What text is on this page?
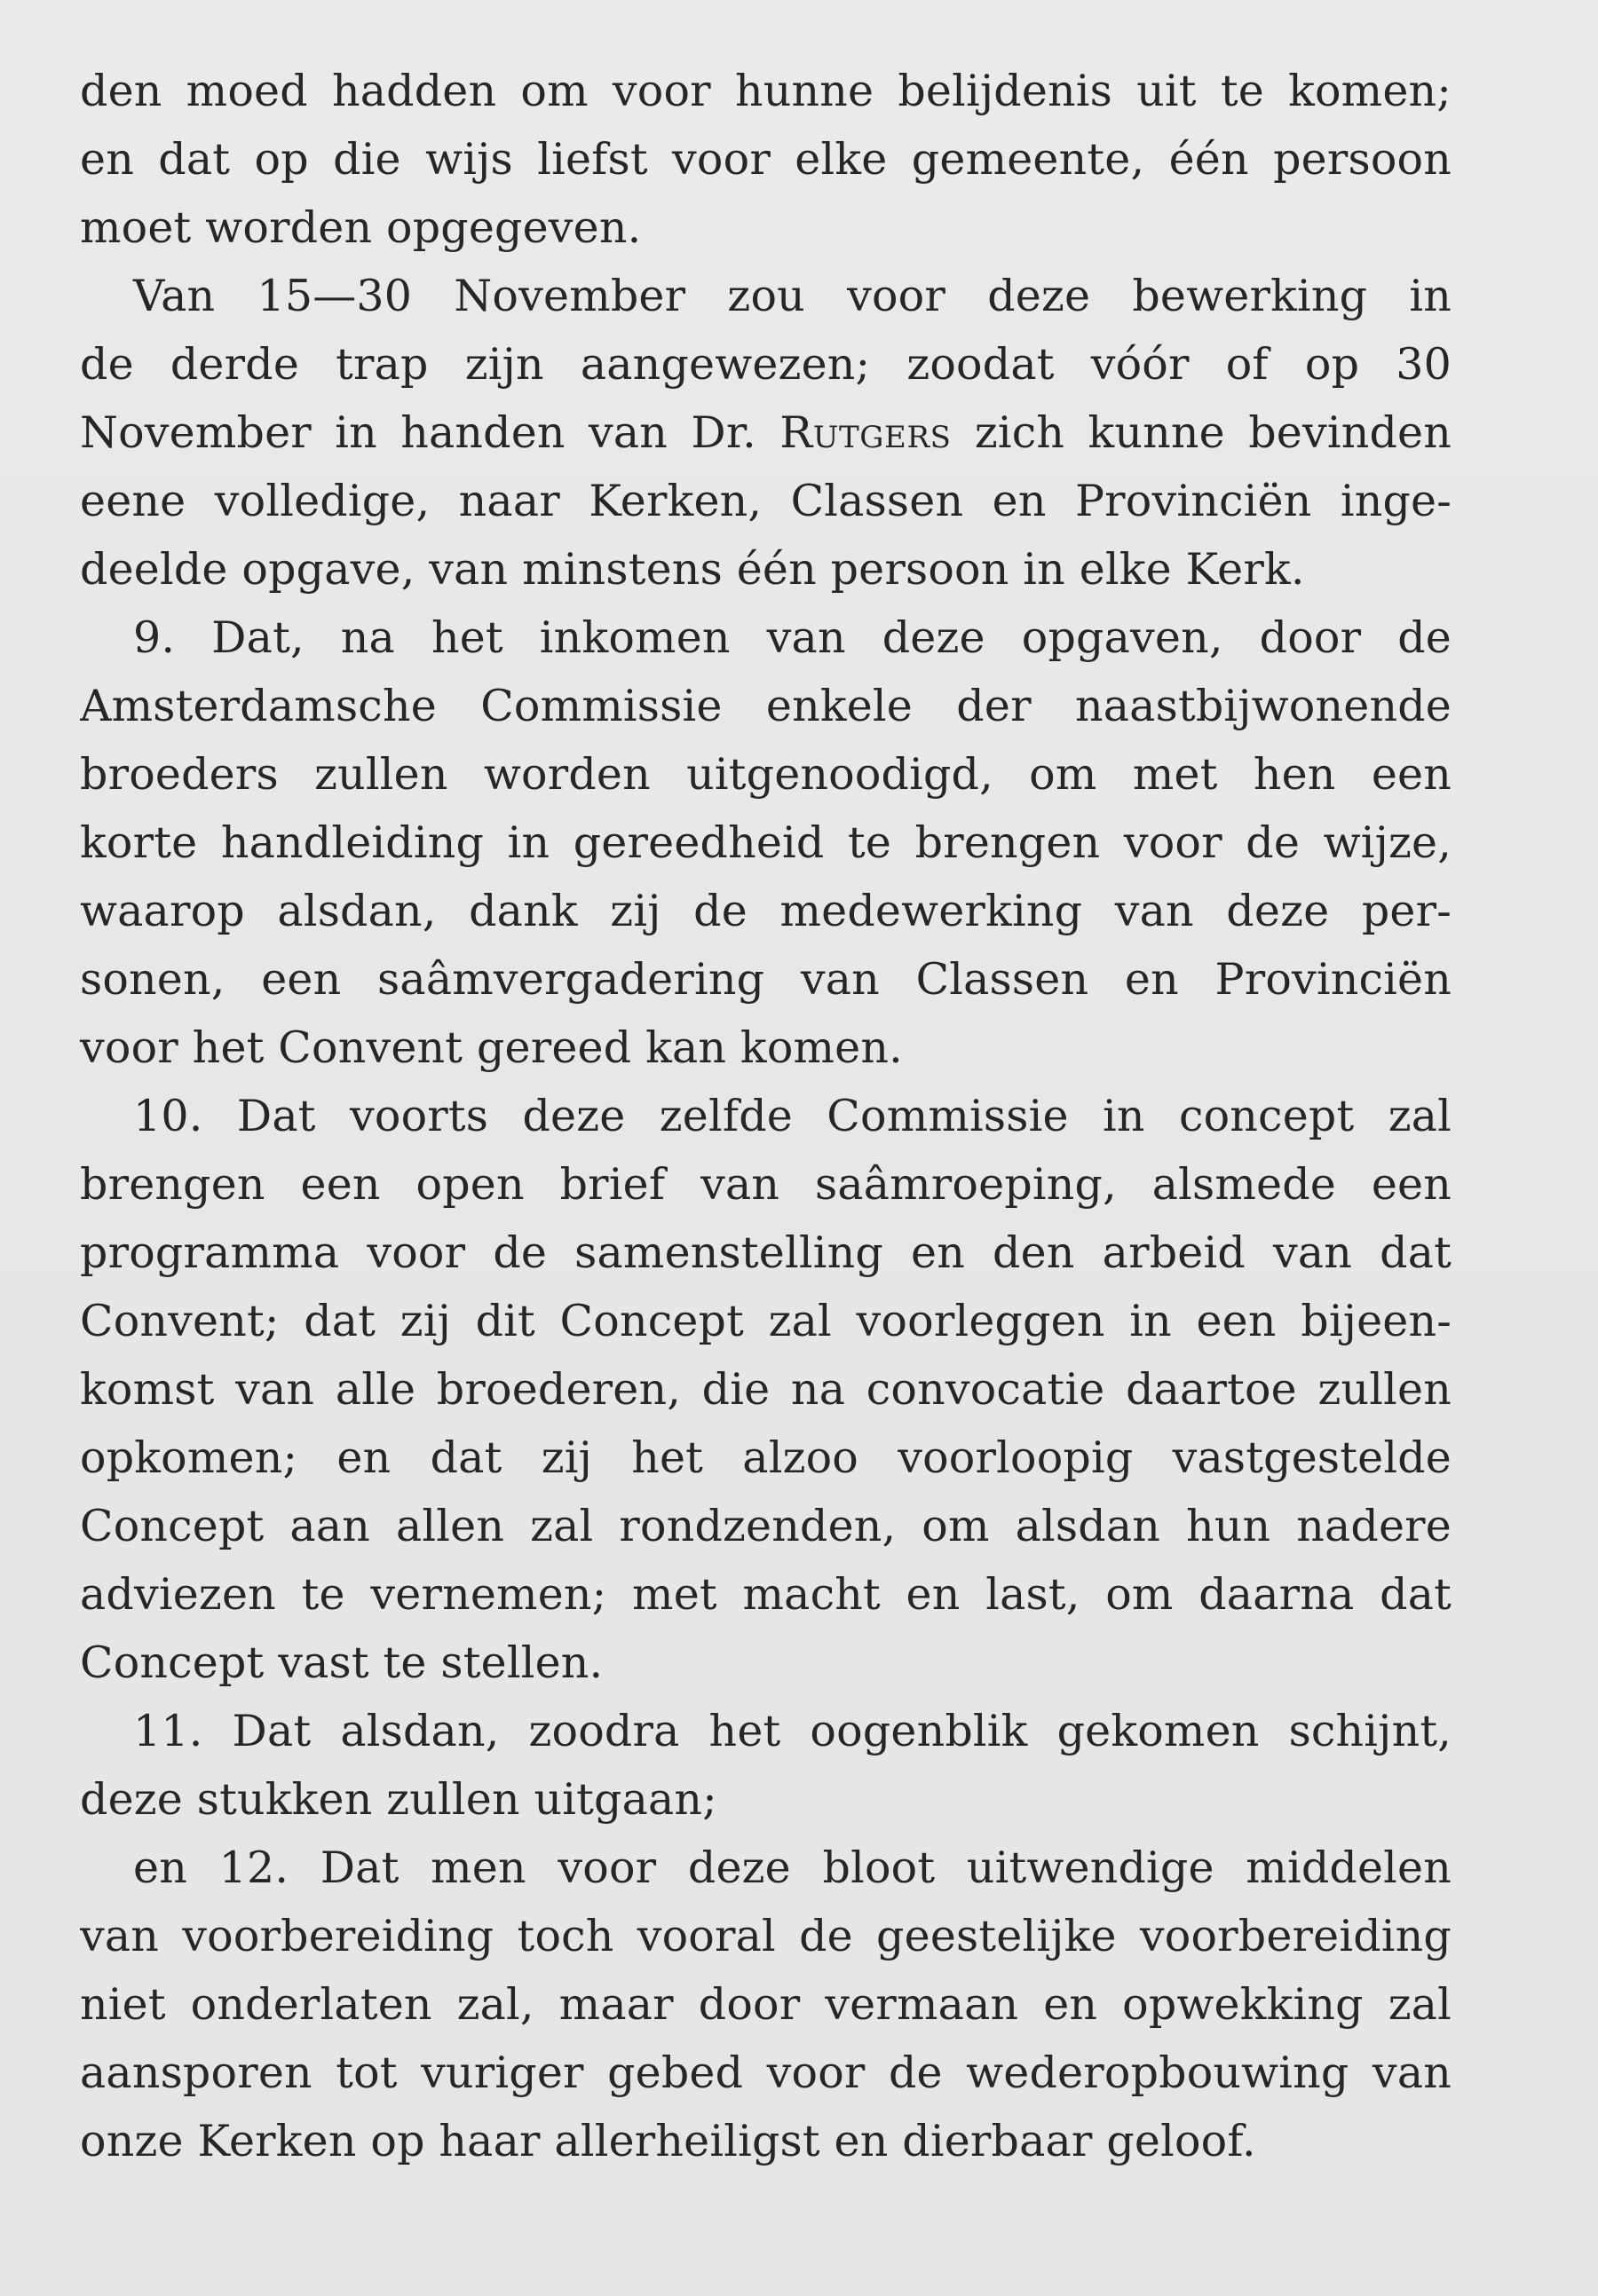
den moed hadden om voor hunne belijdenis uit te komen;
en dat op die wijs liefst voor elke gemeente, één persoon
moet worden opgegeven.
Van 15—30 November zou voor deze bewerking in
de derde trap zijn aangewezen; zoodat vóór of op 30
November in handen van Dr. Rutgers zich kunne bevinden
eene volledige, naar Kerken, Classen en Provinciën inge-
deelde opgave, van minstens één persoon in elke Kerk.
9. Dat, na het inkomen van deze opgaven, door de
Amsterdamsche Commissie enkele der naastbijwonende
broeders zullen worden uitgenoodigd, om met hen een
korte handleiding in gereedheid te brengen voor de wijze,
waarop alsdan, dank zij de medewerking van deze per-
sonen, een saâmvergadering van Classen en Provinciën
voor het Convent gereed kan komen.
10. Dat voorts deze zelfde Commissie in concept zal
brengen een open brief van saâmroeping, alsmede een
programma voor de samenstelling en den arbeid van dat
Convent; dat zij dit Concept zal voorleggen in een bijeen-
komst van alle broederen, die na convocatie daartoe zullen
opkomen; en dat zij het alzoo voorloopig vastgestelde
Concept aan allen zal rondzenden, om alsdan hun nadere
adviezen te vernemen; met macht en last, om daarna dat
Concept vast te stellen.
11. Dat alsdan, zoodra het oogenblik gekomen schijnt,
deze stukken zullen uitgaan;
en 12. Dat men voor deze bloot uitwendige middelen
van voorbereiding toch vooral de geestelijke voorbereiding
niet onderlaten zal, maar door vermaan en opwekking zal
aansporen tot vuriger gebed voor de wederopbouwing van
onze Kerken op haar allerheiligst en dierbaar geloof.
